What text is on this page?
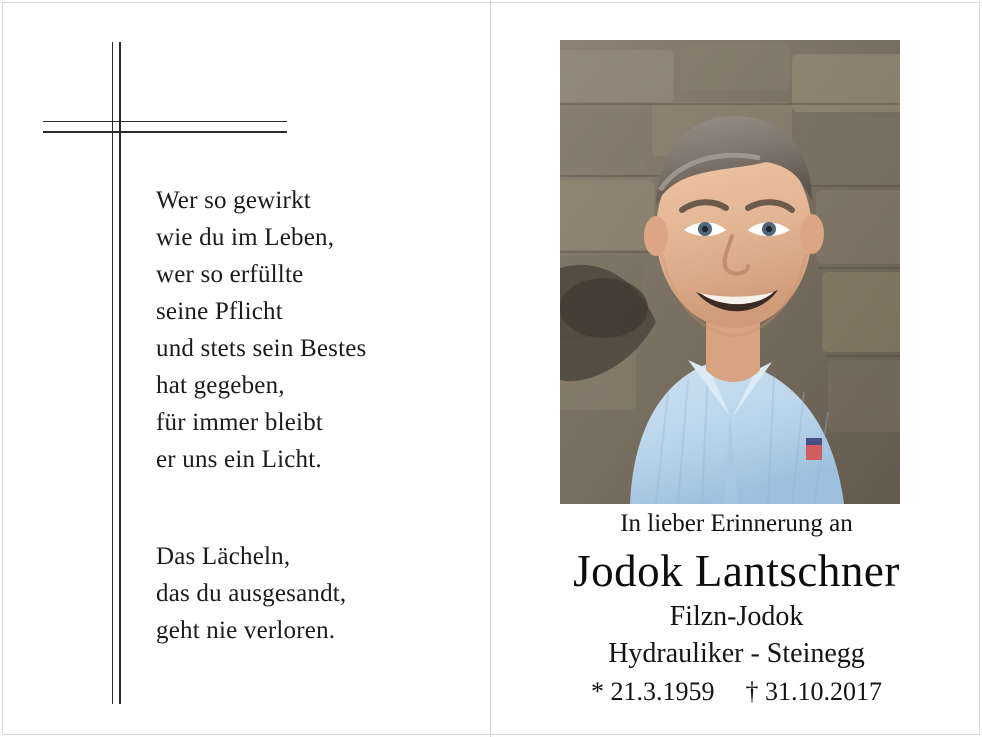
Wer so gewirkt
wie du im Leben,
wer so erfüllte
seine Pflicht
und stets sein Bestes
hat gegeben,
für immer bleibt
er uns ein Licht.
Das Lächeln,
das du ausgesandt,
geht nie verloren.
In lieber Erinnerung an
Jodok Lantschner
Filzn-Jodok
Hydrauliker - Steinegg
* 21.3.1959 † 31.10.2017
